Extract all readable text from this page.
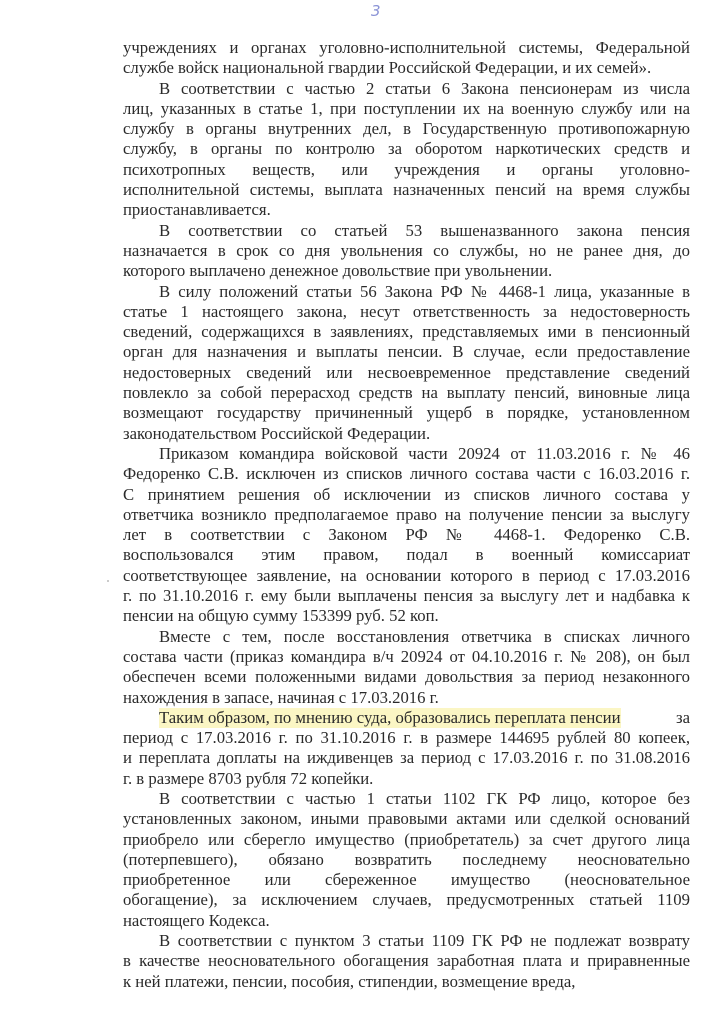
3
учреждениях и органах уголовно-исполнительной системы, Федеральной
службе войск национальной гвардии Российской Федерации, и их семей».
В соответствии с частью 2 статьи 6 Закона пенсионерам из числа
лиц, указанных в статье 1, при поступлении их на военную службу или на
службу в органы внутренних дел, в Государственную противопожарную
службу, в органы по контролю за оборотом наркотических средств и
психотропных веществ, или учреждения и органы уголовно-
исполнительной системы, выплата назначенных пенсий на время службы
приостанавливается.
В соответствии со статьей 53 вышеназванного закона пенсия
назначается в срок со дня увольнения со службы, но не ранее дня, до
которого выплачено денежное довольствие при увольнении.
В силу положений статьи 56 Закона РФ № 4468-1 лица, указанные в
статье 1 настоящего закона, несут ответственность за недостоверность
сведений, содержащихся в заявлениях, представляемых ими в пенсионный
орган для назначения и выплаты пенсии. В случае, если предоставление
недостоверных сведений или несвоевременное представление сведений
повлекло за собой перерасход средств на выплату пенсий, виновные лица
возмещают государству причиненный ущерб в порядке, установленном
законодательством Российской Федерации.
Приказом командира войсковой части 20924 от 11.03.2016 г. № 46
Федоренко С.В. исключен из списков личного состава части с 16.03.2016 г.
С принятием решения об исключении из списков личного состава у
ответчика возникло предполагаемое право на получение пенсии за выслугу
лет в соответствии с Законом РФ № 4468-1. Федоренко С.В.
воспользовался этим правом, подал в военный комиссариат
соответствующее заявление, на основании которого в период с 17.03.2016
г. по 31.10.2016 г. ему были выплачены пенсия за выслугу лет и надбавка к
пенсии на общую сумму 153399 руб. 52 коп.
Вместе с тем, после восстановления ответчика в списках личного
состава части (приказ командира в/ч 20924 от 04.10.2016 г. № 208), он был
обеспечен всеми положенными видами довольствия за период незаконного
нахождения в запасе, начиная с 17.03.2016 г.
Таким образом, по мнению суда, образовались переплата пенсии	за
период с 17.03.2016 г. по 31.10.2016 г. в размере 144695 рублей 80 копеек,
и переплата доплаты на иждивенцев за период с 17.03.2016 г. по 31.08.2016
г. в размере 8703 рубля 72 копейки.
В соответствии с частью 1 статьи 1102 ГК РФ лицо, которое без
установленных законом, иными правовыми актами или сделкой оснований
приобрело или сберегло имущество (приобретатель) за счет другого лица
(потерпевшего), обязано возвратить последнему неосновательно
приобретенное или сбереженное имущество (неосновательное
обогащение), за исключением случаев, предусмотренных статьей 1109
настоящего Кодекса.
В соответствии с пунктом 3 статьи 1109 ГК РФ не подлежат возврату
в качестве неосновательного обогащения заработная плата и приравненные
к ней платежи, пенсии, пособия, стипендии, возмещение вреда,
